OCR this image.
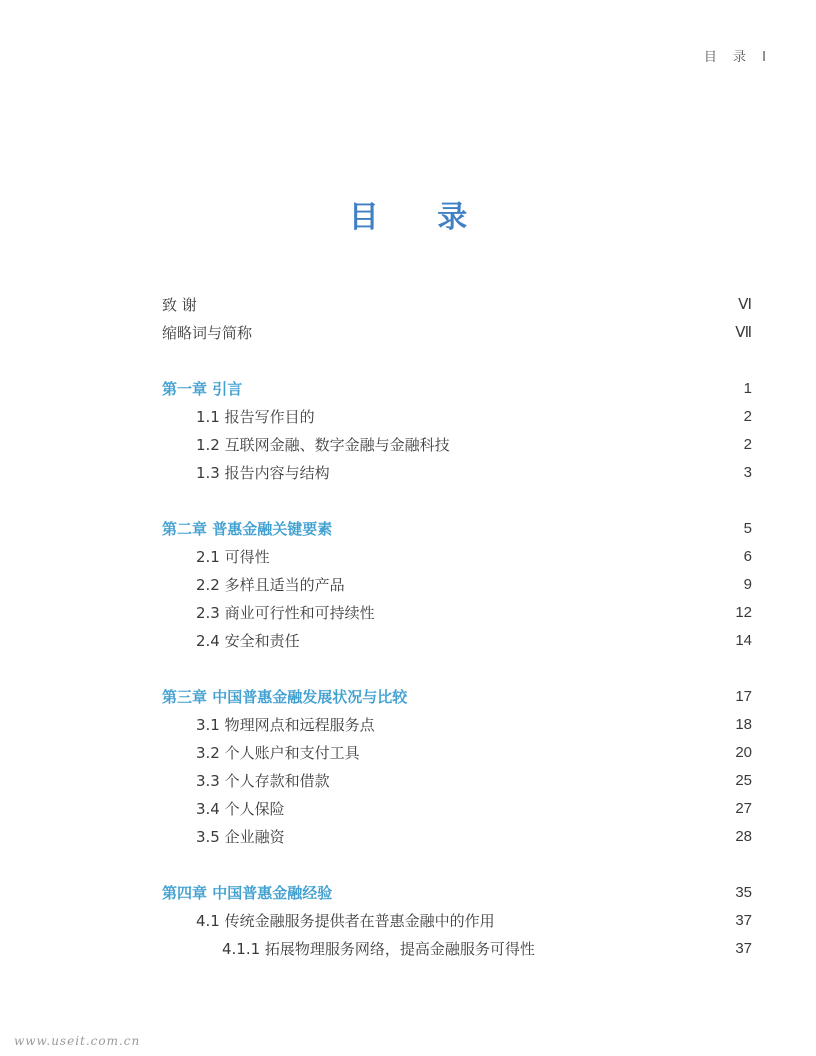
目 录 Ⅰ
目 录
致 谢	Ⅵ
缩略词与简称	Ⅶ
第一章 引言	1
1.1 报告写作目的	2
1.2 互联网金融、数字金融与金融科技	2
1.3 报告内容与结构	3
第二章 普惠金融关键要素	5
2.1 可得性	6
2.2 多样且适当的产品	9
2.3 商业可行性和可持续性	12
2.4 安全和责任	14
第三章 中国普惠金融发展状况与比较	17
3.1 物理网点和远程服务点	18
3.2 个人账户和支付工具	20
3.3 个人存款和借款	25
3.4 个人保险	27
3.5 企业融资	28
第四章 中国普惠金融经验	35
4.1 传统金融服务提供者在普惠金融中的作用	37
4.1.1 拓展物理服务网络，提高金融服务可得性	37
www.useit.com.cn
